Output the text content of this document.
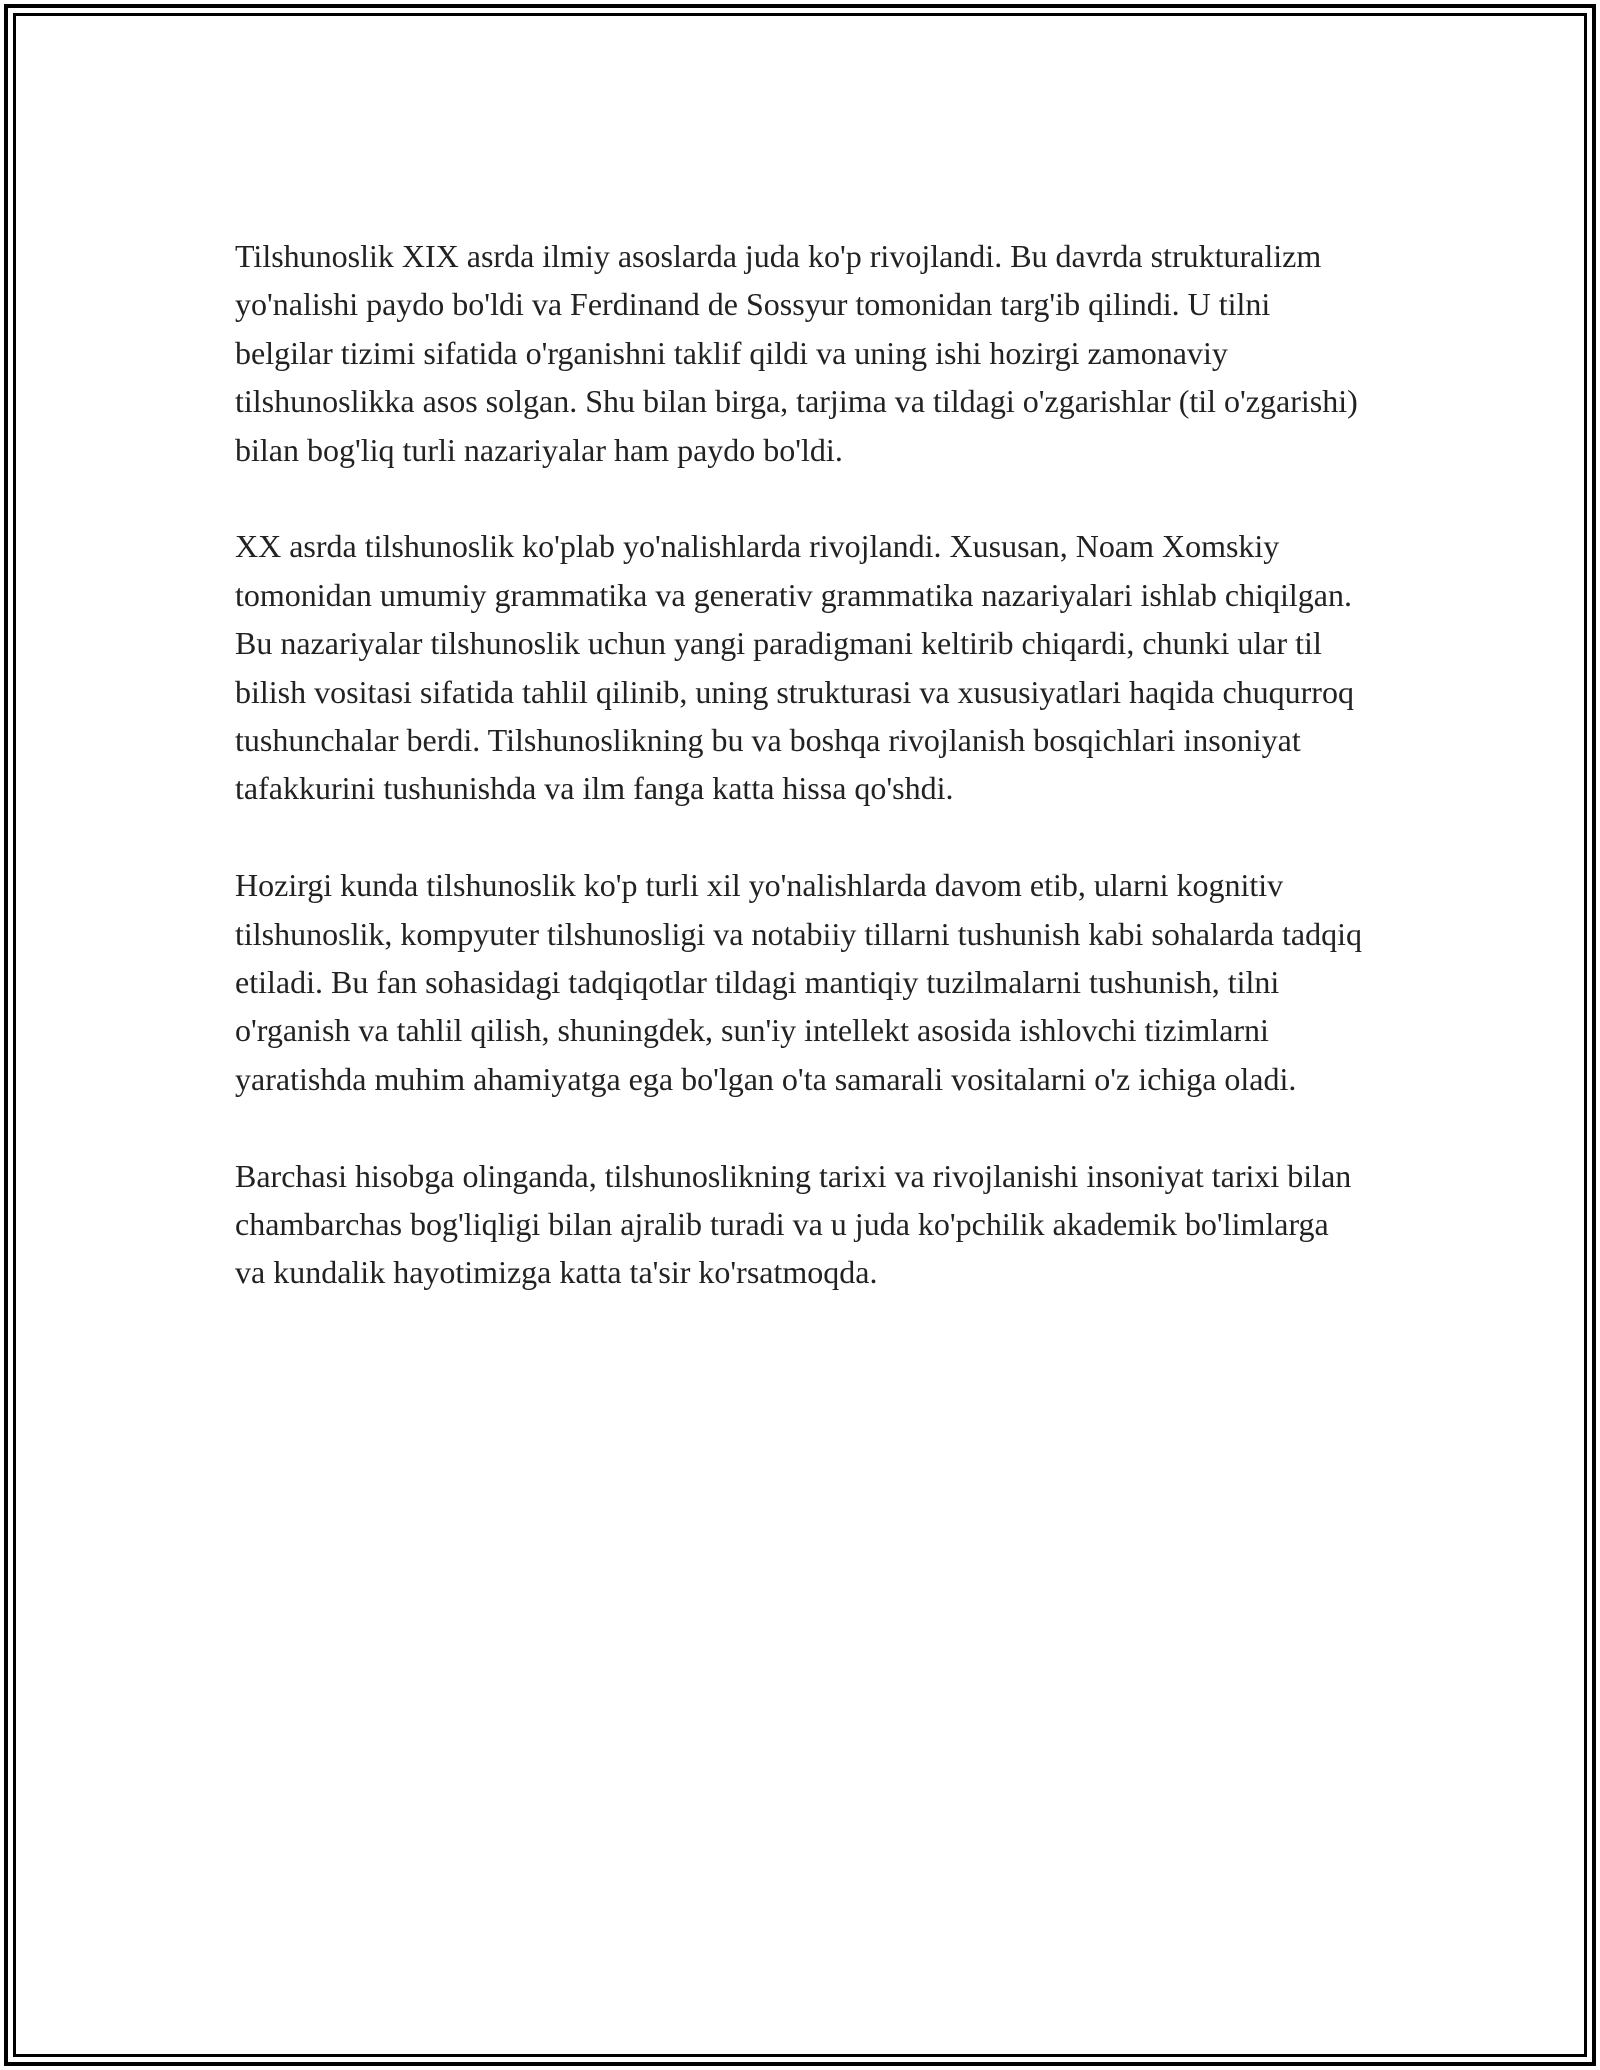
Tilshunoslik XIX asrda ilmiy asoslarda juda ko'p rivojlandi. Bu davrda strukturalizm yo'nalishi paydo bo'ldi va Ferdinand de Sossyur tomonidan targ'ib qilindi. U tilni belgilar tizimi sifatida o'rganishni taklif qildi va uning ishi hozirgi zamonaviy tilshunoslikka asos solgan. Shu bilan birga, tarjima va tildagi o'zgarishlar (til o'zgarishi) bilan bog'liq turli nazariyalar ham paydo bo'ldi.

XX asrda tilshunoslik ko'plab yo'nalishlarda rivojlandi. Xususan, Noam Xomskiy tomonidan umumiy grammatika va generativ grammatika nazariyalari ishlab chiqilgan. Bu nazariyalar tilshunoslik uchun yangi paradigmani keltirib chiqardi, chunki ular til bilish vositasi sifatida tahlil qilinib, uning strukturasi va xususiyatlari haqida chuqurroq tushunchalar berdi. Tilshunoslikning bu va boshqa rivojlanish bosqichlari insoniyat tafakkurini tushunishda va ilm fanga katta hissa qo'shdi.

Hozirgi kunda tilshunoslik ko'p turli xil yo'nalishlarda davom etib, ularni kognitiv tilshunoslik, kompyuter tilshunosligi va notabiiy tillarni tushunish kabi sohalarda tadqiq etiladi. Bu fan sohasidagi tadqiqotlar tildagi mantiqiy tuzilmalarni tushunish, tilni o'rganish va tahlil qilish, shuningdek, sun'iy intellekt asosida ishlovchi tizimlarni yaratishda muhim ahamiyatga ega bo'lgan o'ta samarali vositalarni o'z ichiga oladi.

Barchasi hisobga olinganda, tilshunoslikning tarixi va rivojlanishi insoniyat tarixi bilan chambarchas bog'liqligi bilan ajralib turadi va u juda ko'pchilik akademik bo'limlarga va kundalik hayotimizga katta ta'sir ko'rsatmoqda.
